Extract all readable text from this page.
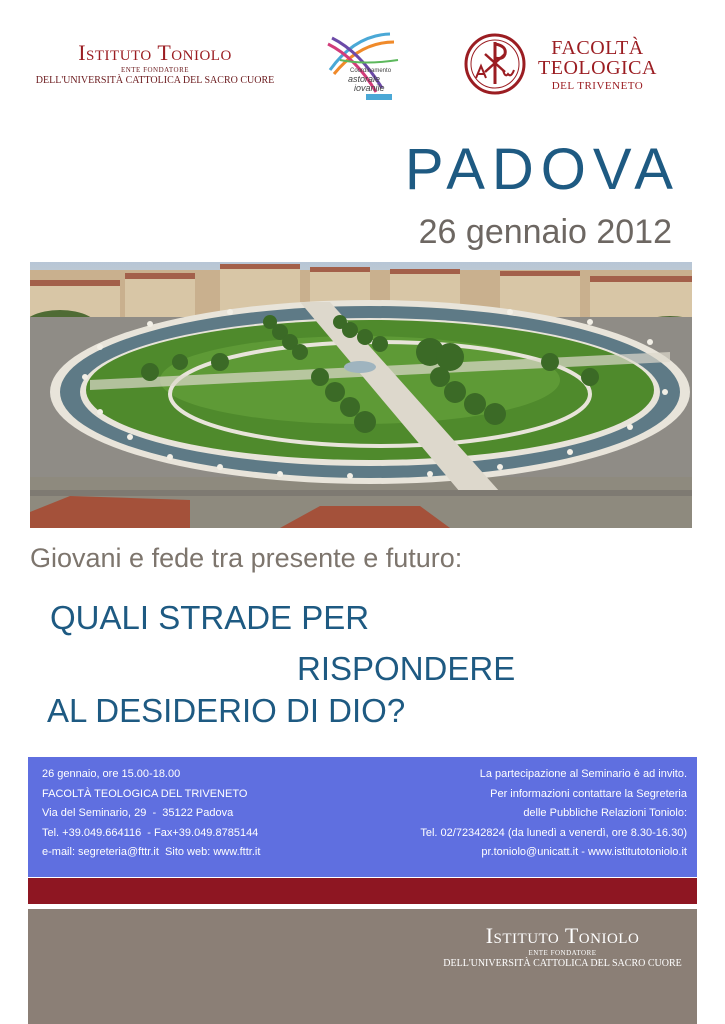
Istituto Toniolo
ENTE FONDATORE
DELL'UNIVERSITÀ CATTOLICA DEL SACRO CUORE
Coordinamento
astorale
iovanile
FACOLTÀ
TEOLOGICA
DEL TRIVENETO
PADOVA
26 gennaio 2012
Giovani e fede tra presente e futuro:
QUALI STRADE PER
RISPONDERE
AL DESIDERIO DI DIO?
26 gennaio, ore 15.00-18.00
FACOLTÀ TEOLOGICA DEL TRIVENETO
Via del Seminario, 29  -  35122 Padova
Tel. +39.049.664116  - Fax+39.049.8785144
e-mail: segreteria@fttr.it  Sito web: www.fttr.it
La partecipazione al Seminario è ad invito.
Per informazioni contattare la Segreteria
delle Pubbliche Relazioni Toniolo:
Tel. 02/72342824 (da lunedì a venerdì, ore 8.30-16.30)
pr.toniolo@unicatt.it - www.istitutotoniolo.it
Istituto Toniolo
ENTE FONDATORE
DELL'UNIVERSITÀ CATTOLICA DEL SACRO CUORE
